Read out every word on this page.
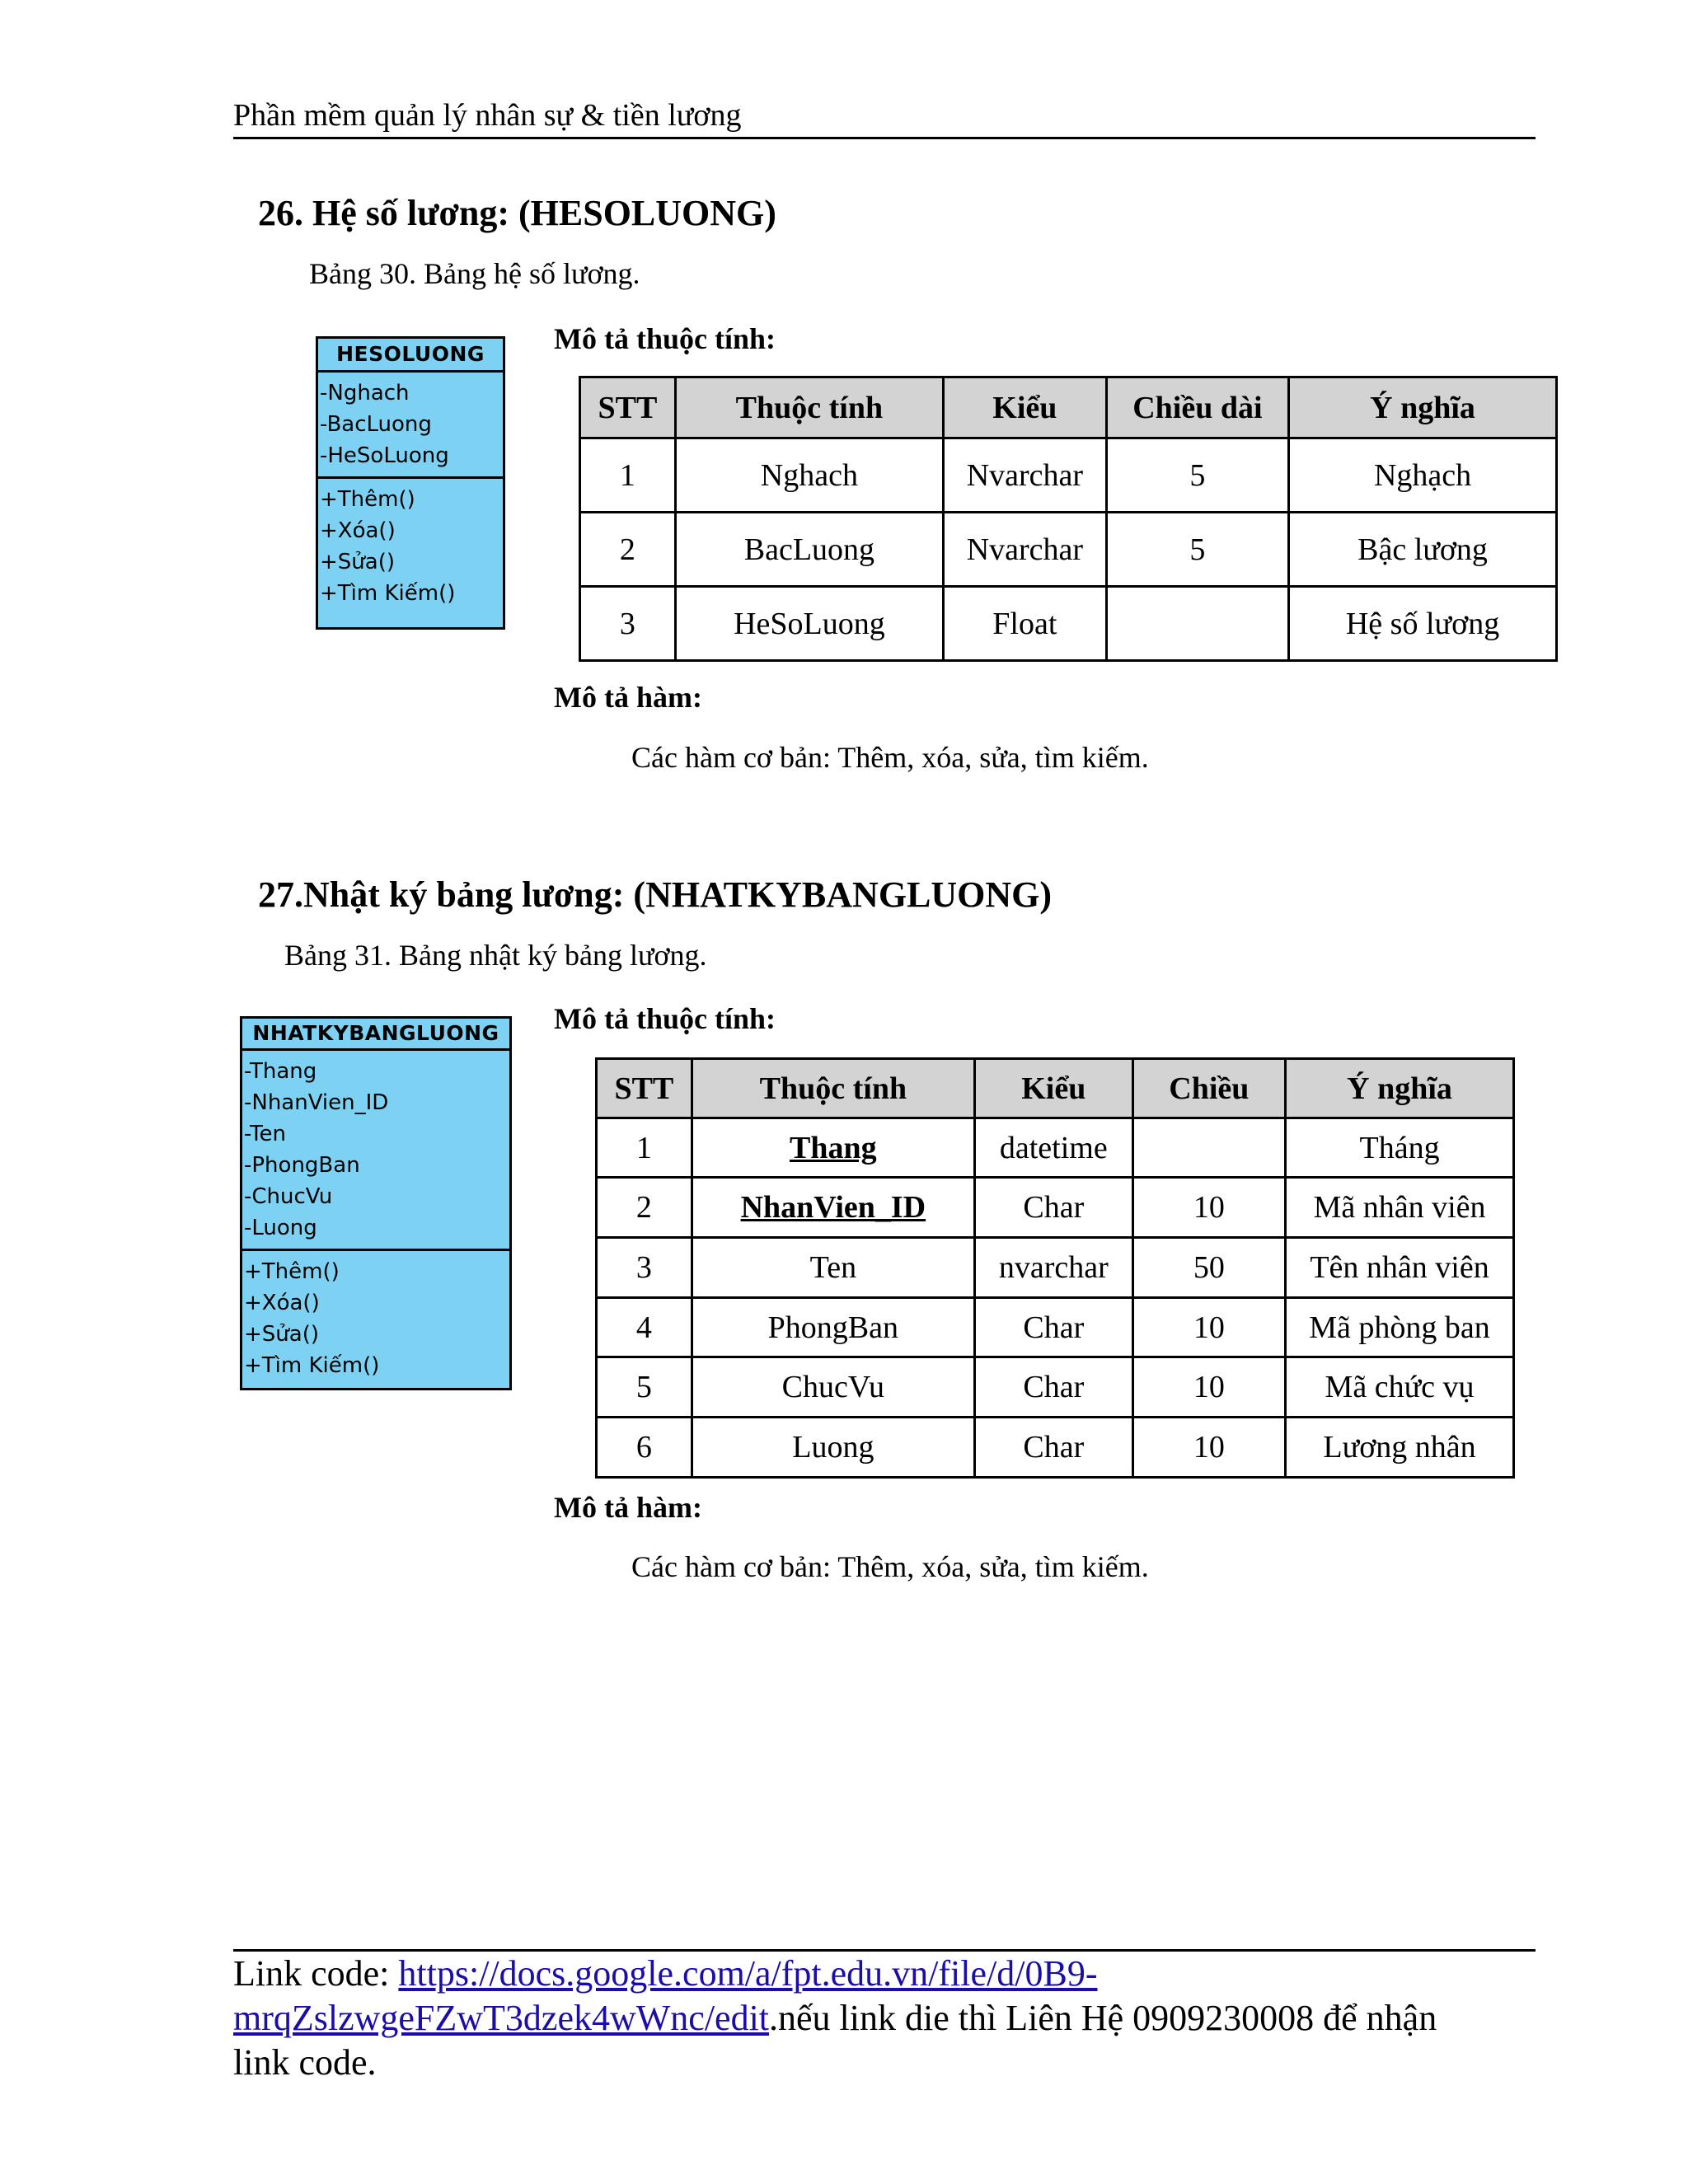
Phần mềm quản lý nhân sự & tiền lương
26. Hệ số lương: (HESOLUONG)
Bảng 30. Bảng hệ số lương.
HESOLUONG
-Nghach
-BacLuong
-HeSoLuong
+Thêm()
+Xóa()
+Sửa()
+Tìm Kiếm()
Mô tả thuộc tính:
STT	Thuộc tính	Kiểu	Chiều dài	Ý nghĩa
1	Nghach	Nvarchar	5	Nghạch
2	BacLuong	Nvarchar	5	Bậc lương
3	HeSoLuong	Float		Hệ số lương
Mô tả hàm:
Các hàm cơ bản: Thêm, xóa, sửa, tìm kiếm.
27.Nhật ký bảng lương: (NHATKYBANGLUONG)
Bảng 31. Bảng nhật ký bảng lương.
NHATKYBANGLUONG
-Thang
-NhanVien_ID
-Ten
-PhongBan
-ChucVu
-Luong
+Thêm()
+Xóa()
+Sửa()
+Tìm Kiếm()
Mô tả thuộc tính:
STT	Thuộc tính	Kiểu	Chiều	Ý nghĩa
1	Thang	datetime		Tháng
2	NhanVien_ID	Char	10	Mã nhân viên
3	Ten	nvarchar	50	Tên nhân viên
4	PhongBan	Char	10	Mã phòng ban
5	ChucVu	Char	10	Mã chức vụ
6	Luong	Char	10	Lương nhân
Mô tả hàm:
Các hàm cơ bản: Thêm, xóa, sửa, tìm kiếm.
Link code: https://docs.google.com/a/fpt.edu.vn/file/d/0B9-
mrqZslzwgeFZwT3dzek4wWnc/edit.nếu link die thì Liên Hệ 0909230008 để nhận
link code.
